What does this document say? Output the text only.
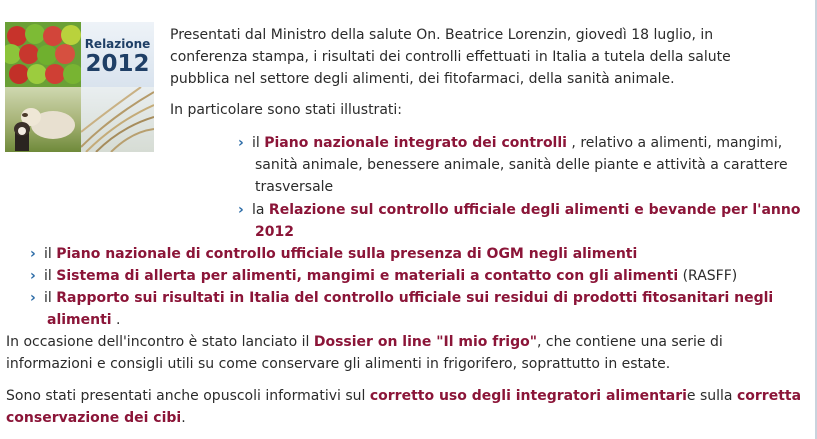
Relazione
2012
Presentati dal Ministro della salute On. Beatrice Lorenzin, giovedì 18 luglio, in
conferenza stampa, i risultati dei controlli effettuati in Italia a tutela della salute
pubblica nel settore degli alimenti, dei fitofarmaci, della sanità animale.
In particolare sono stati illustrati:
› il Piano nazionale integrato dei controlli , relativo a alimenti, mangimi,
sanità animale, benessere animale, sanità delle piante e attività a carattere
trasversale
› la Relazione sul controllo ufficiale degli alimenti e bevande per l'anno
2012
› il Piano nazionale di controllo ufficiale sulla presenza di OGM negli alimenti
› il Sistema di allerta per alimenti, mangimi e materiali a contatto con gli alimenti (RASFF)
› il Rapporto sui risultati in Italia del controllo ufficiale sui residui di prodotti fitosanitari negli
alimenti .
In occasione dell'incontro è stato lanciato il Dossier on line "Il mio frigo", che contiene una serie di
informazioni e consigli utili su come conservare gli alimenti in frigorifero, soprattutto in estate.
Sono stati presentati anche opuscoli informativi sul corretto uso degli integratori alimentarie sulla corretta
conservazione dei cibi.
